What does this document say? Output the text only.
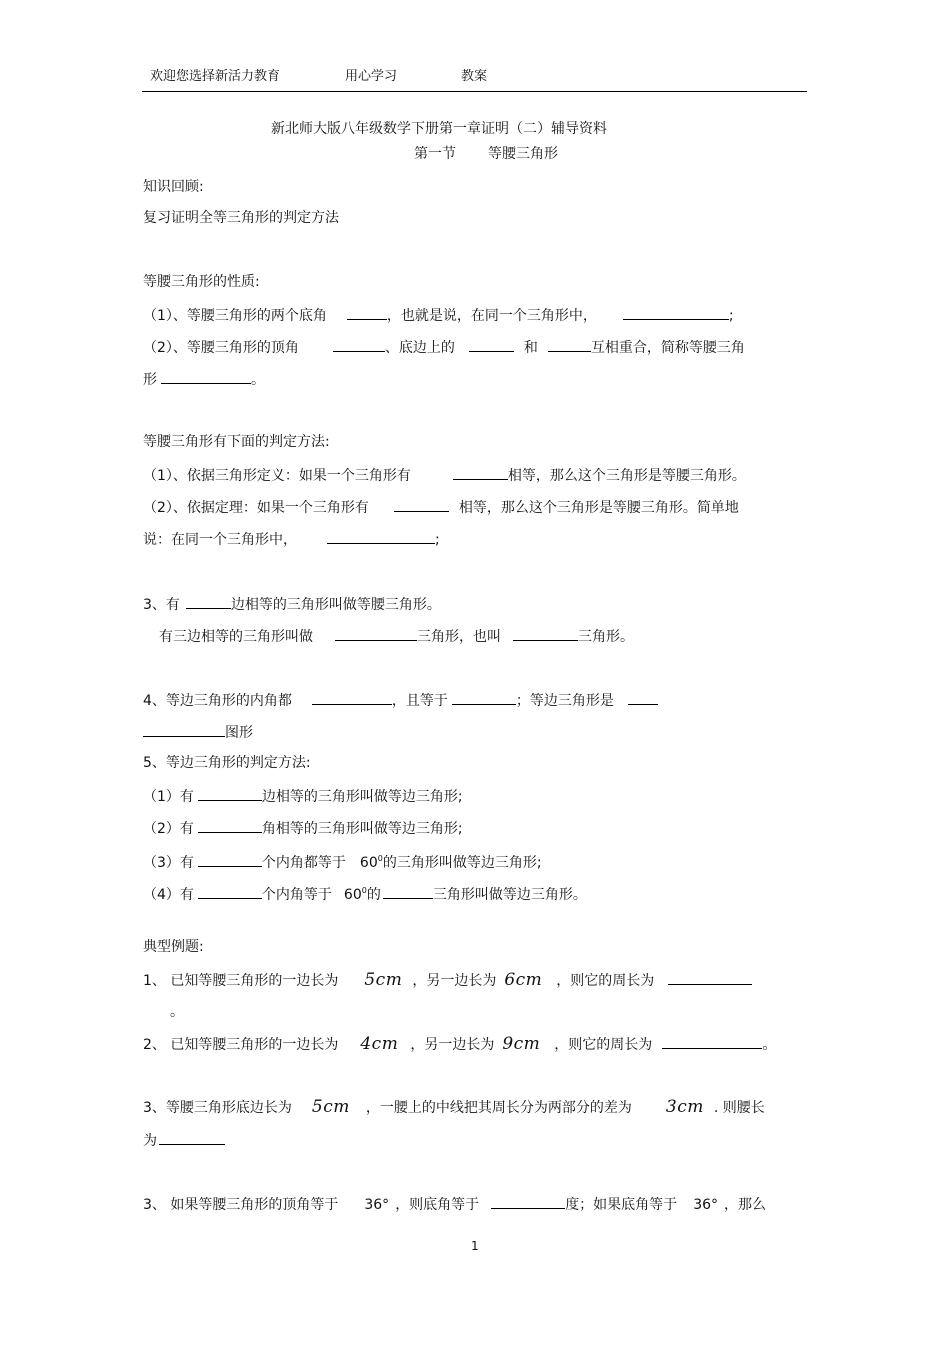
欢迎您选择新活力教育	用心学习	教案
新北师大版八年级数学下册第一章证明（二）辅导资料
第一节 等腰三角形
知识回顾:
复习证明全等三角形的判定方法
等腰三角形的性质:
（1）、等腰三角形的两个底角	，也就是说，在同一个三角形中，	;
（2）、等腰三角形的顶角	、底边上的	和	互相重合，简称等腰三角
形	。
等腰三角形有下面的判定方法:
（1）、依据三角形定义：如果一个三角形有	相等，那么这个三角形是等腰三角形。
（2）、依据定理：如果一个三角形有	相等，那么这个三角形是等腰三角形。简单地
说：在同一个三角形中，	;
3、有	边相等的三角形叫做等腰三角形。
有三边相等的三角形叫做	三角形，也叫	三角形。
4、等边三角形的内角都	，且等于	；等边三角形是
图形
5、等边三角形的判定方法:
（1）有	边相等的三角形叫做等边三角形;
（2）有	角相等的三角形叫做等边三角形;
（3）有	个内角都等于 $60^0$的三角形叫做等边三角形;
（4）有	个内角等于 $60^0$的	三角形叫做等边三角形。
典型例题:
1、 已知等腰三角形的一边长为 5cm ，另一边长为 6cm ，则它的周长为
。
2、 已知等腰三角形的一边长为 4cm ，另一边长为 9cm ，则它的周长为	。
3、等腰三角形底边长为 5cm ，一腰上的中线把其周长分为两部分的差为 3cm . 则腰长
为
3、 如果等腰三角形的顶角等于 36° ，则底角等于	度；如果底角等于 36° ，那么
1
